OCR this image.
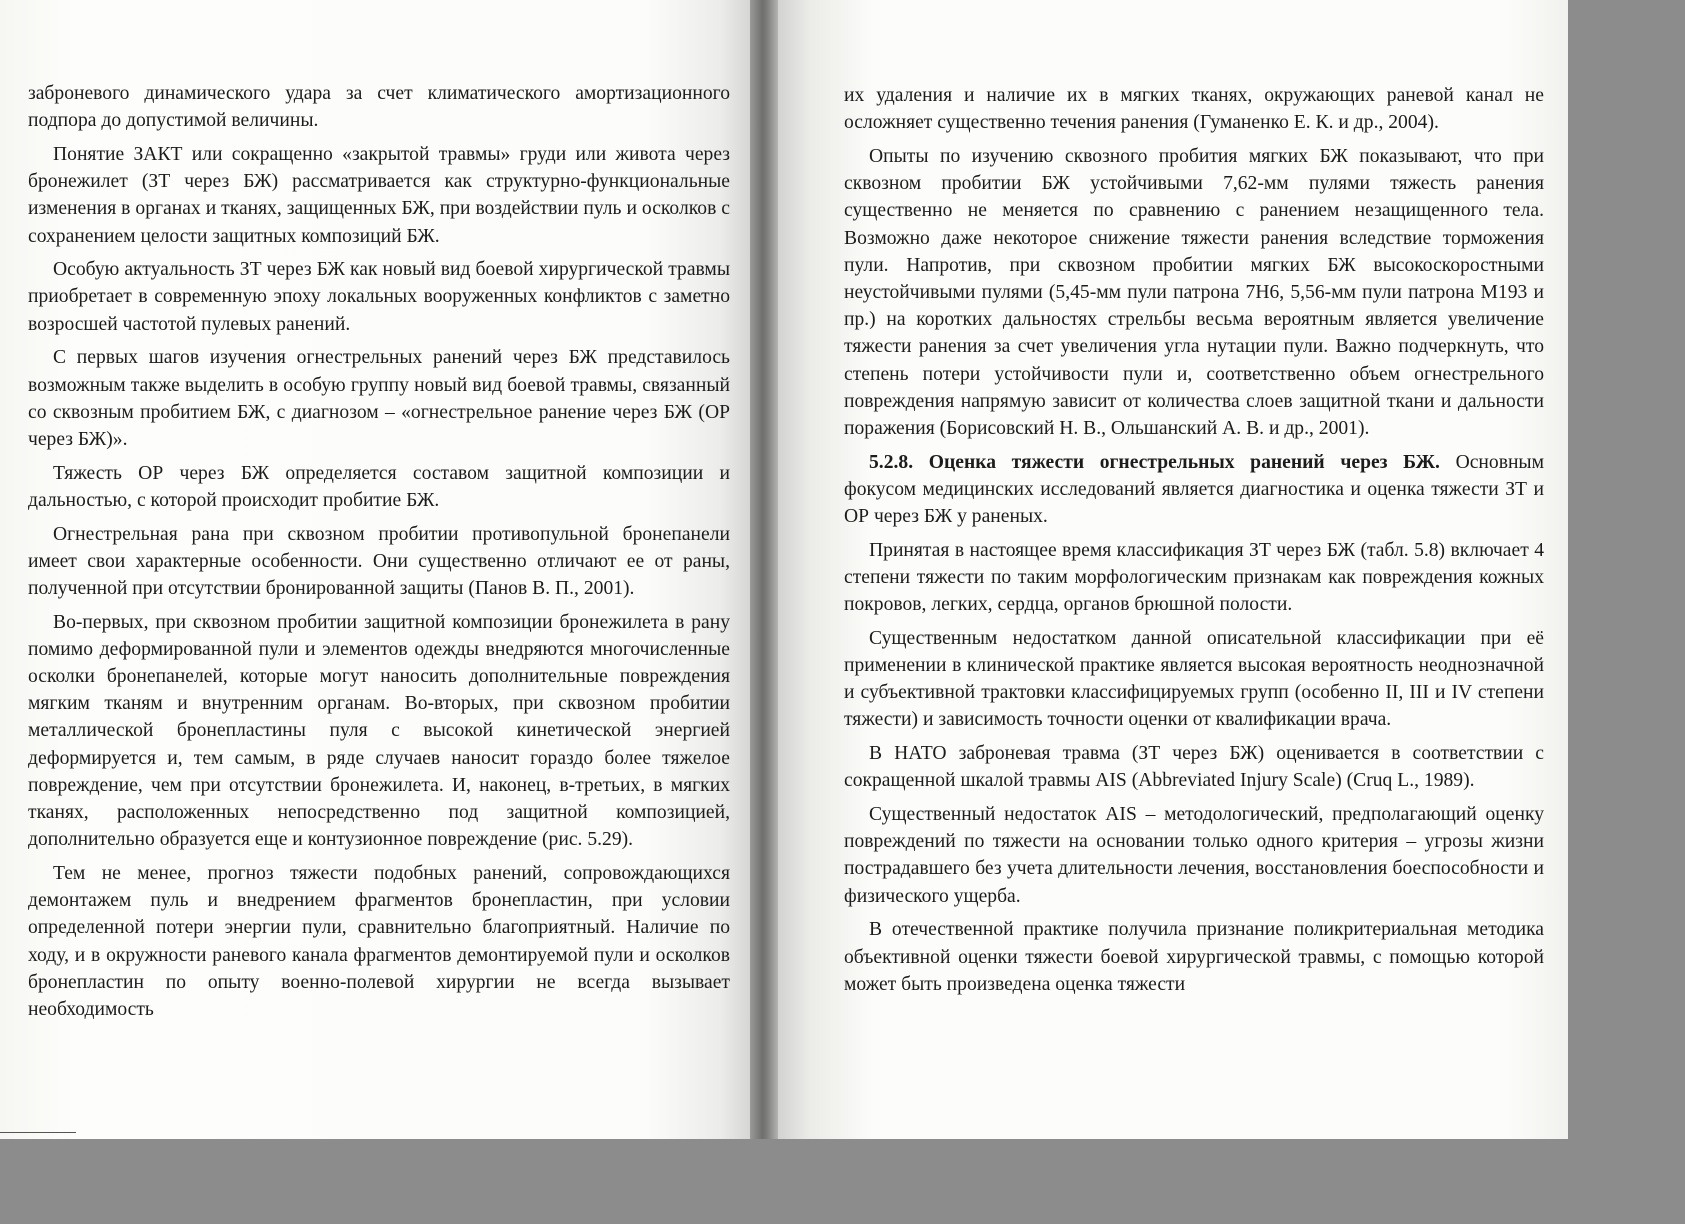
заброневого динамического удара за счет климатического амортизационного подпора до допустимой величины.

Понятие ЗАКТ или сокращенно «закрытой травмы» груди или живота через бронежилет (ЗТ через БЖ) рассматривается как структурно-функциональные изменения в органах и тканях, защищенных БЖ, при воздействии пуль и осколков с сохранением целости защитных композиций БЖ.

Особую актуальность ЗТ через БЖ как новый вид боевой хирургической травмы приобретает в современную эпоху локальных вооруженных конфликтов с заметно возросшей частотой пулевых ранений.

С первых шагов изучения огнестрельных ранений через БЖ представилось возможным также выделить в особую группу новый вид боевой травмы, связанный со сквозным пробитием БЖ, с диагнозом – «огнестрельное ранение через БЖ (ОР через БЖ)».

Тяжесть ОР через БЖ определяется составом защитной композиции и дальностью, с которой происходит пробитие БЖ.

Огнестрельная рана при сквозном пробитии противопульной бронепанели имеет свои характерные особенности. Они существенно отличают ее от раны, полученной при отсутствии бронированной защиты (Панов В. П., 2001).

Во-первых, при сквозном пробитии защитной композиции бронежилета в рану помимо деформированной пули и элементов одежды внедряются многочисленные осколки бронепанелей, которые могут наносить дополнительные повреждения мягким тканям и внутренним органам. Во-вторых, при сквозном пробитии металлической бронепластины пуля с высокой кинетической энергией деформируется и, тем самым, в ряде случаев наносит гораздо более тяжелое повреждение, чем при отсутствии бронежилета. И, наконец, в-третьих, в мягких тканях, расположенных непосредственно под защитной композицией, дополнительно образуется еще и контузионное повреждение (рис. 5.29).

Тем не менее, прогноз тяжести подобных ранений, сопровождающихся демонтажем пуль и внедрением фрагментов бронепластин, при условии определенной потери энергии пули, сравнительно благоприятный. Наличие по ходу, и в окружности раневого канала фрагментов демонтируемой пули и осколков бронепластин по опыту военно-полевой хирургии не всегда вызывает необходимость

их удаления и наличие их в мягких тканях, окружающих раневой канал не осложняет существенно течения ранения (Гуманенко Е. К. и др., 2004).

Опыты по изучению сквозного пробития мягких БЖ показывают, что при сквозном пробитии БЖ устойчивыми 7,62-мм пулями тяжесть ранения существенно не меняется по сравнению с ранением незащищенного тела. Возможно даже некоторое снижение тяжести ранения вследствие торможения пули. Напротив, при сквозном пробитии мягких БЖ высокоскоростными неустойчивыми пулями (5,45-мм пули патрона 7Н6, 5,56-мм пули патрона М193 и пр.) на коротких дальностях стрельбы весьма вероятным является увеличение тяжести ранения за счет увеличения угла нутации пули. Важно подчеркнуть, что степень потери устойчивости пули и, соответственно объем огнестрельного повреждения напрямую зависит от количества слоев защитной ткани и дальности поражения (Борисовский Н. В., Ольшанский А. В. и др., 2001).

5.2.8. Оценка тяжести огнестрельных ранений через БЖ. Основным фокусом медицинских исследований является диагностика и оценка тяжести ЗТ и ОР через БЖ у раненых.

Принятая в настоящее время классификация ЗТ через БЖ (табл. 5.8) включает 4 степени тяжести по таким морфологическим признакам как повреждения кожных покровов, легких, сердца, органов брюшной полости.

Существенным недостатком данной описательной классификации при её применении в клинической практике является высокая вероятность неоднозначной и субъективной трактовки классифицируемых групп (особенно II, III и IV степени тяжести) и зависимость точности оценки от квалификации врача.

В НАТО заброневая травма (ЗТ через БЖ) оценивается в соответствии с сокращенной шкалой травмы AIS (Abbreviated Injury Scale) (Cruq L., 1989).

Существенный недостаток AIS – методологический, предполагающий оценку повреждений по тяжести на основании только одного критерия – угрозы жизни пострадавшего без учета длительности лечения, восстановления боеспособности и физического ущерба.

В отечественной практике получила признание поликритериальная методика объективной оценки тяжести боевой хирургической травмы, с помощью которой может быть произведена оценка тяжести
